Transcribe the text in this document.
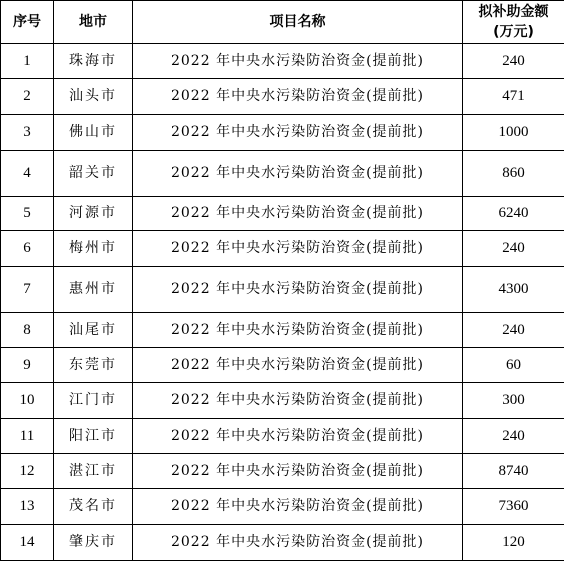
序号	地市	项目名称	拟补助金额
(万元)

1	珠海市	2022 年中央水污染防治资金(提前批)	240
2	汕头市	2022 年中央水污染防治资金(提前批)	471
3	佛山市	2022 年中央水污染防治资金(提前批)	1000
4	韶关市	2022 年中央水污染防治资金(提前批)	860
5	河源市	2022 年中央水污染防治资金(提前批)	6240
6	梅州市	2022 年中央水污染防治资金(提前批)	240
7	惠州市	2022 年中央水污染防治资金(提前批)	4300
8	汕尾市	2022 年中央水污染防治资金(提前批)	240
9	东莞市	2022 年中央水污染防治资金(提前批)	60
10	江门市	2022 年中央水污染防治资金(提前批)	300
11	阳江市	2022 年中央水污染防治资金(提前批)	240
12	湛江市	2022 年中央水污染防治资金(提前批)	8740
13	茂名市	2022 年中央水污染防治资金(提前批)	7360
14	肇庆市	2022 年中央水污染防治资金(提前批)	120
